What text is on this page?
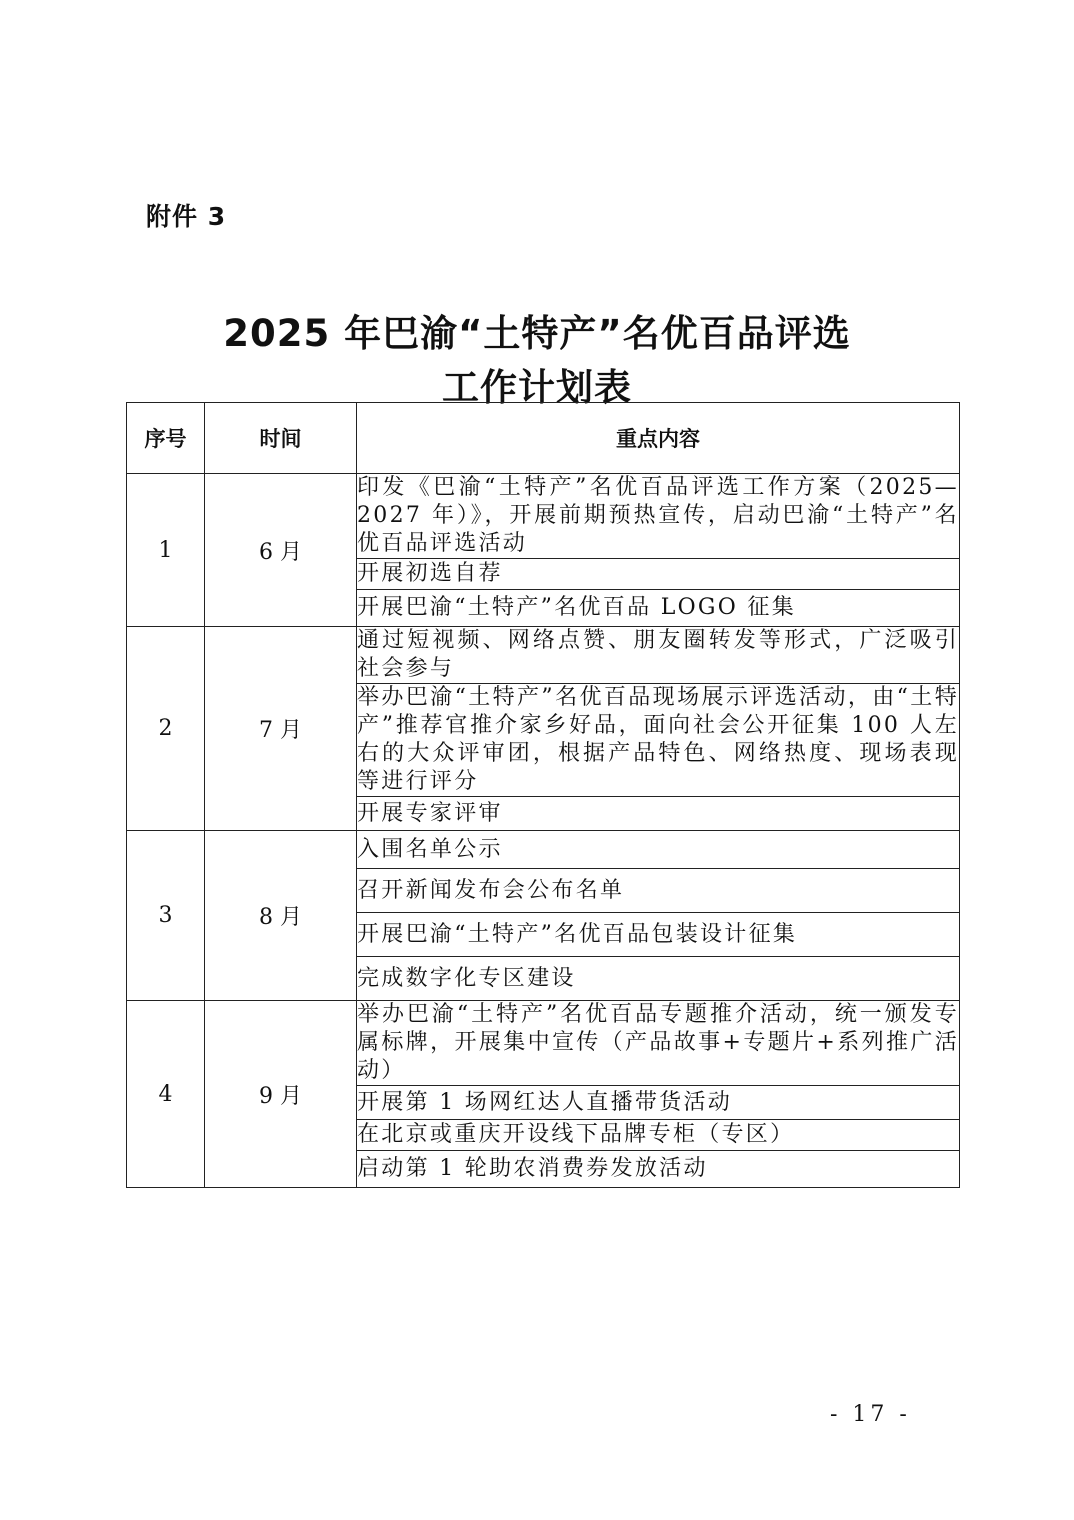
附件 3
2025 年巴渝“土特产”名优百品评选
工作计划表
序号	时间	重点内容
1	6 月	印发《巴渝“土特产”名优百品评选工作方案（2025—2027 年）》，开展前期预热宣传，启动巴渝“土特产”名优百品评选活动
		开展初选自荐
		开展巴渝“土特产”名优百品 LOGO 征集
2	7 月	通过短视频、网络点赞、朋友圈转发等形式，广泛吸引社会参与
		举办巴渝“土特产”名优百品现场展示评选活动，由“土特产”推荐官推介家乡好品，面向社会公开征集 100 人左右的大众评审团，根据产品特色、网络热度、现场表现等进行评分
		开展专家评审
3	8 月	入围名单公示
		召开新闻发布会公布名单
		开展巴渝“土特产”名优百品包装设计征集
		完成数字化专区建设
4	9 月	举办巴渝“土特产”名优百品专题推介活动，统一颁发专属标牌，开展集中宣传（产品故事+专题片+系列推广活动）
		开展第 1 场网红达人直播带货活动
		在北京或重庆开设线下品牌专柜（专区）
		启动第 1 轮助农消费券发放活动
- 17 -
